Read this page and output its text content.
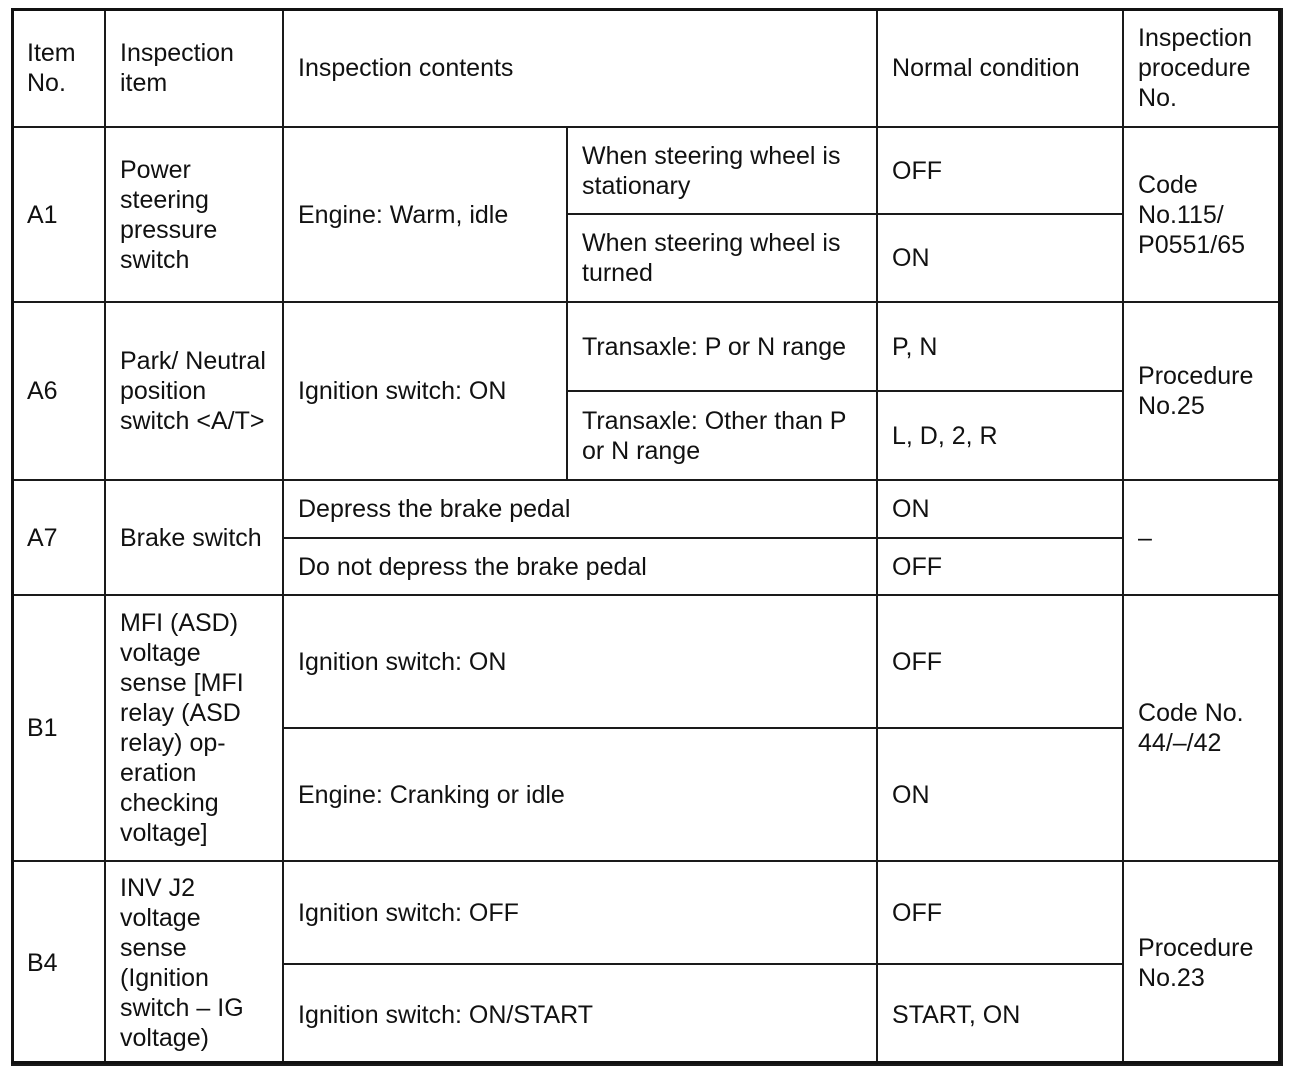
Item No.	Inspection item	Inspection contents		Normal condition	Inspection procedure No.
A1	Power steering pressure switch	Engine: Warm, idle	When steering wheel is stationary	OFF	Code No.115/ P0551/65
			When steering wheel is turned	ON	
A6	Park/ Neutral position switch <A/T>	Ignition switch: ON	Transaxle: P or N range	P, N	Procedure No.25
			Transaxle: Other than P or N range	L, D, 2, R	
A7	Brake switch	Depress the brake pedal		ON	–
		Do not depress the brake pedal		OFF	
B1	MFI (ASD) voltage sense [MFI relay (ASD relay) op-eration checking voltage]	Ignition switch: ON		OFF	Code No. 44/–/42
		Engine: Cranking or idle		ON	
B4	INV J2 voltage sense (Ignition switch – IG voltage)	Ignition switch: OFF		OFF	Procedure No.23
		Ignition switch: ON/START		START, ON	
